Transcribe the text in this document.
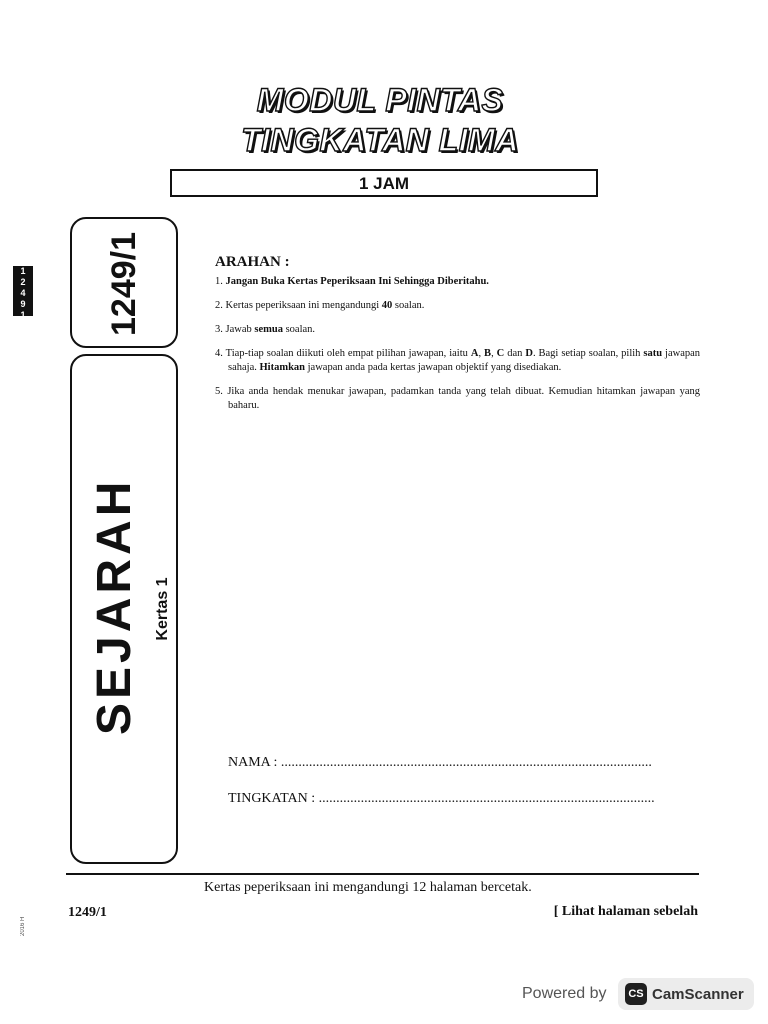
MODUL PINTAS
TINGKATAN LIMA
1 JAM
1
2
4
9
1 1249/1
SEJARAH Kertas 1
ARAHAN :
1. Jangan Buka Kertas Peperiksaan Ini Sehingga Diberitahu.
2. Kertas peperiksaan ini mengandungi 40 soalan.
3. Jawab semua soalan.
4. Tiap-tiap soalan diikuti oleh empat pilihan jawapan, iaitu A, B, C dan D. Bagi setiap soalan, pilih satu jawapan sahaja. Hitamkan jawapan anda pada kertas jawapan objektif yang disediakan.
5. Jika anda hendak menukar jawapan, padamkan tanda yang telah dibuat. Kemudian hitamkan jawapan yang baharu.
NAMA : ..........................................................................................................
TINGKATAN : ................................................................................................
Kertas peperiksaan ini mengandungi 12 halaman bercetak.
1249/1	[ Lihat halaman sebelah
2016 H
Powered by	CS CamScanner
